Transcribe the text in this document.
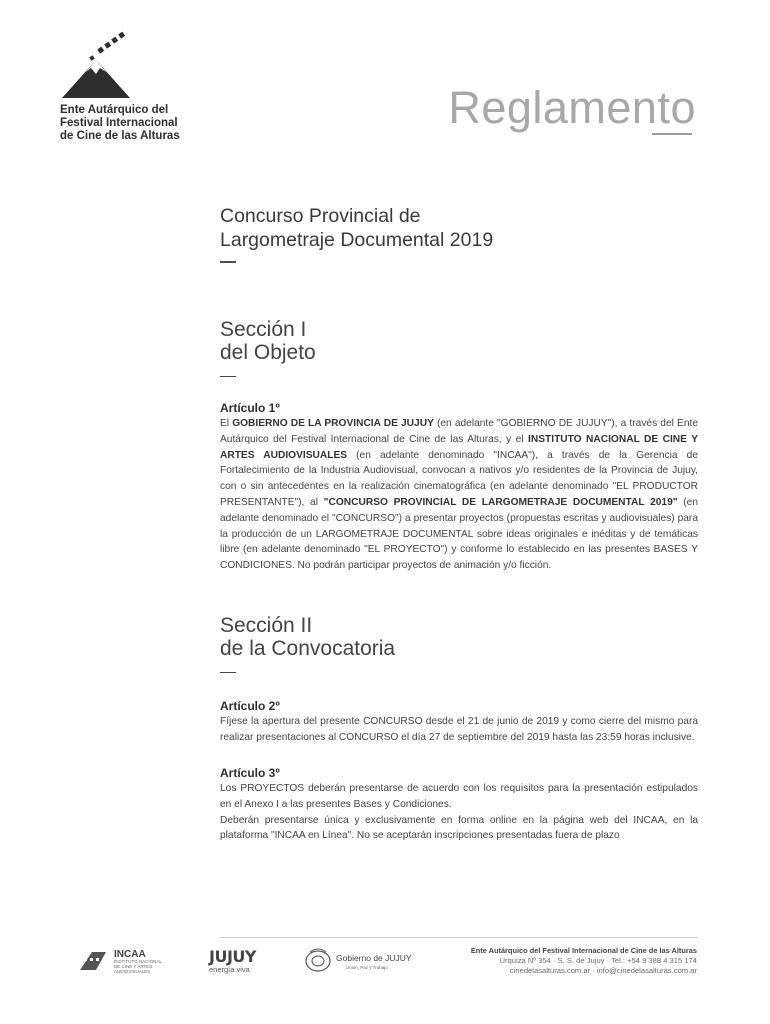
Ente Autárquico del
Festival Internacional
de Cine de las Alturas
Reglamento
Concurso Provincial de
Largometraje Documental 2019
Sección I
del Objeto
Artículo 1º
El GOBIERNO DE LA PROVINCIA DE JUJUY (en adelante "GOBIERNO DE JUJUY"), a través del Ente Autárquico del Festival Internacional de Cine de las Alturas, y el INSTITUTO NACIONAL DE CINE Y ARTES AUDIOVISUALES (en adelante denominado "INCAA"), a través de la Gerencia de Fortalecimiento de la Industria Audiovisual, convocan a nativos y/o residentes de la Provincia de Jujuy, con o sin antecedentes en la realización cinematográfica (en adelante denominado "EL PRODUCTOR PRESENTANTE"), al "CONCURSO PROVINCIAL DE LARGOMETRAJE DOCUMENTAL 2019" (en adelante denominado el "CONCURSO") a presentar proyectos (propuestas escritas y audiovisuales) para la producción de un LARGOMETRAJE DOCUMENTAL sobre ideas originales e inéditas y de temáticas libre (en adelante denominado "EL PROYECTO") y conforme lo establecido en las presentes BASES Y CONDICIONES. No podrán participar proyectos de animación y/o ficción.
Sección II
de la Convocatoria
Artículo 2º
Fíjese la apertura del presente CONCURSO desde el 21 de junio de 2019 y como cierre del mismo para realizar presentaciones al CONCURSO el día 27 de septiembre del 2019 hasta las 23:59 horas inclusive.
Artículo 3º

Los PROYECTOS deberán presentarse de acuerdo con los requisitos para la presentación estipulados en el Anexo I a las presentes Bases y Condiciones.

Deberán presentarse única y exclusivamente en forma online en la página web del INCAA, en la plataforma "INCAA en Línea". No se aceptarán inscripciones presentadas fuera de plazo

INCAA
INSTITUTO NACIONAL
DE CINE Y ARTES
AUDIOVISUALES
JUJUY
energía viva
Gobierno de JUJUY
Unión, Paz y Trabajo
Ente Autárquico del Festival Internacional de Cine de las Alturas
Urquiza Nº 354 · S. S. de Jujuy · Tel.: +54 9 388 4 315 174
cinedelasalturas.com.ar · info@cinedelasalturas.com.ar
